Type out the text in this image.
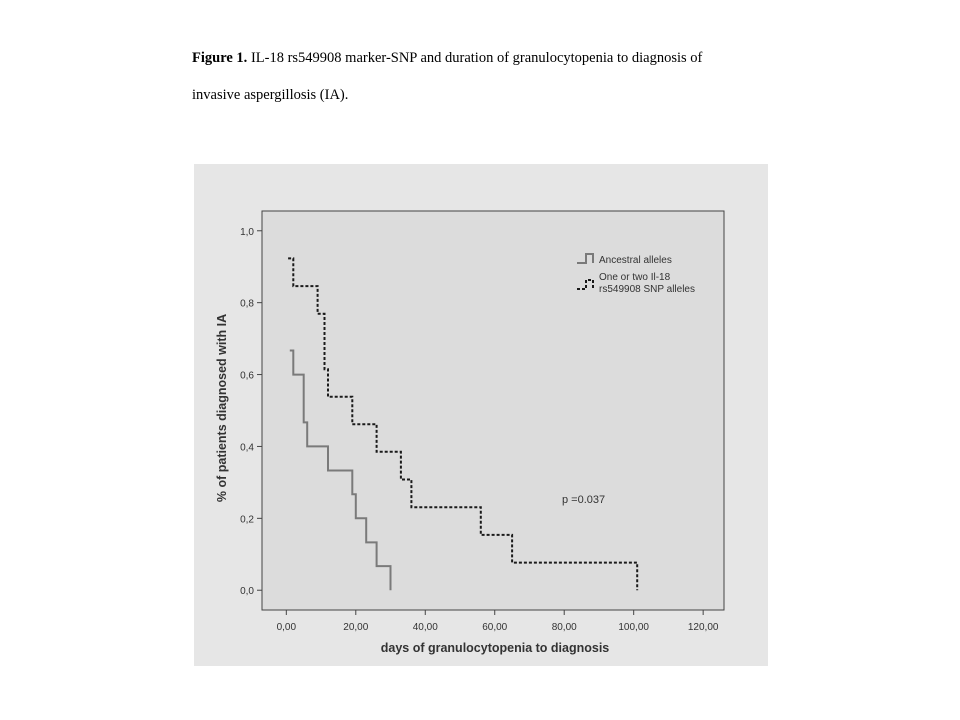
Figure 1. IL-18 rs549908 marker-SNP and duration of granulocytopenia to diagnosis of
invasive aspergillosis (IA).
0,0
0,2
0,4
0,6
0,8
1,0
0,00	20,00	40,00	60,00	80,00	100,00	120,00
days of granulocytopenia to diagnosis
% of patients diagnosed with IA
Ancestral alleles
One or two Il-18
rs549908 SNP alleles
p =0.037
